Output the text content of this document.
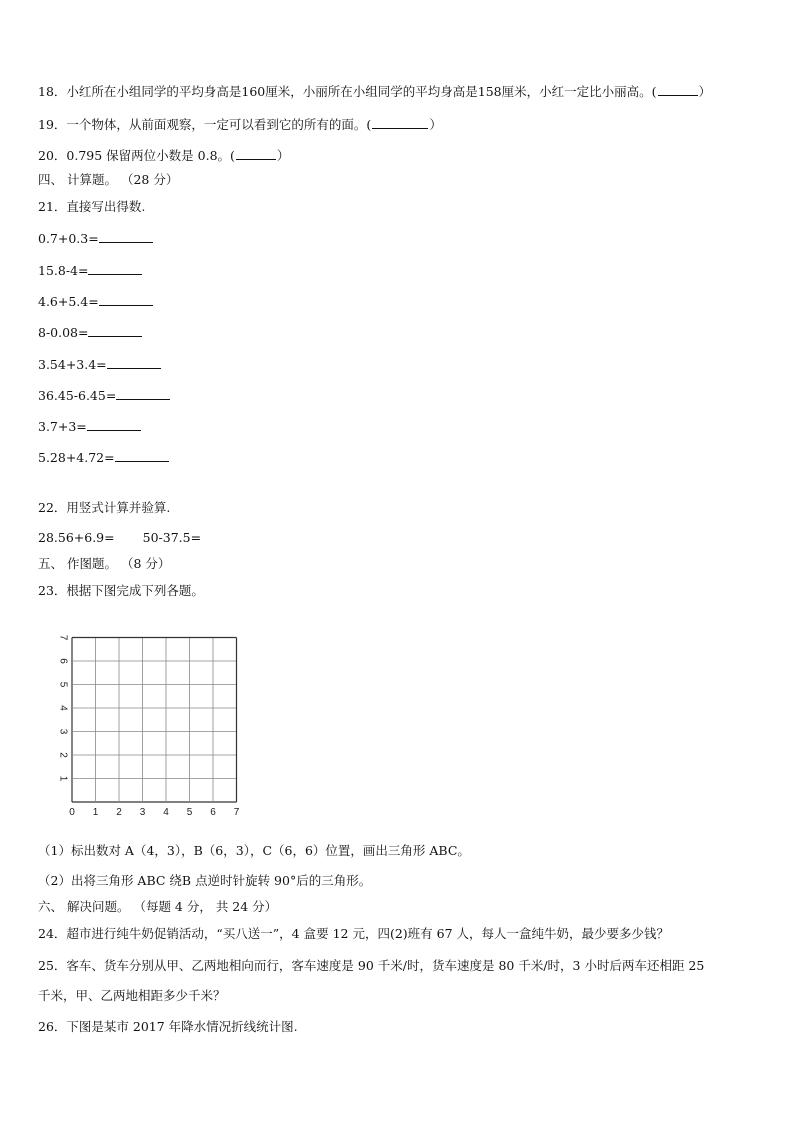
18．小红所在小组同学的平均身高是160厘米，小丽所在小组同学的平均身高是158厘米，小红一定比小丽高。(	）
19．一个物体，从前面观察，一定可以看到它的所有的面。(	）
20．0.795 保留两位小数是 0.8。(	）
四、 计算题。 （28 分）
21．直接写出得数.
0.7+0.3=
15.8-4=
4.6+5.4=
8-0.08=
3.54+3.4=
36.45-6.45=
3.7+3=
5.28+4.72=
22．用竖式计算并验算.
28.56+6.9= 50-37.5=
五、 作图题。 （8 分）
23．根据下图完成下列各题。
0 1 2 3 4 5 6 7
1
2
3
4
5
6
7
（1）标出数对 A（4，3），B（6，3），C（6，6）位置，画出三角形 ABC。
（2）出将三角形 ABC 绕B 点逆时针旋转 90°后的三角形。
六、 解决问题。 （每题 4 分， 共 24 分）
24．超市进行纯牛奶促销活动，“买八送一”，4 盒要 12 元，四(2)班有 67 人，每人一盒纯牛奶，最少要多少钱？
25．客车、货车分别从甲、乙两地相向而行，客车速度是 90 千米/时，货车速度是 80 千米/时，3 小时后两车还相距 25
千米，甲、乙两地相距多少千米？
26．下图是某市 2017 年降水情况折线统计图.
